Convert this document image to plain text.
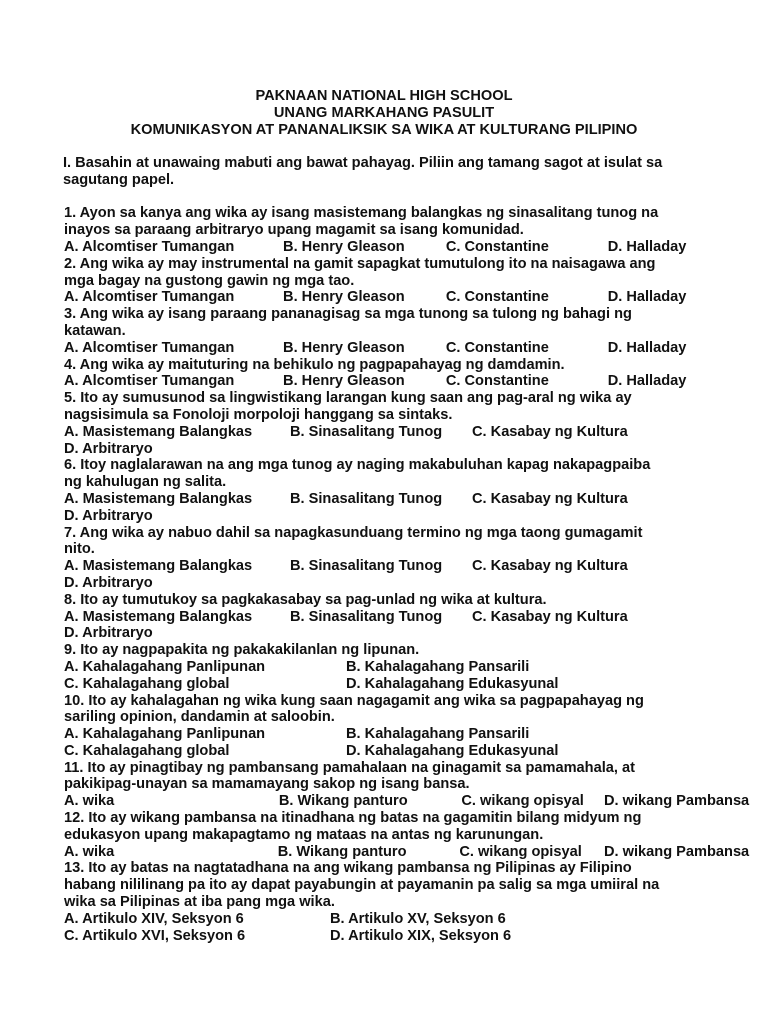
PAKNAAN NATIONAL HIGH SCHOOL
UNANG MARKAHANG PASULIT
KOMUNIKASYON AT PANANALIKSIK SA WIKA AT KULTURANG PILIPINO
I. Basahin at unawaing mabuti ang bawat pahayag. Piliin ang tamang sagot at isulat sa sagutang papel.
1. Ayon sa kanya ang wika ay isang masistemang balangkas ng sinasalitang tunog na
inayos sa paraang arbitraryo upang magamit sa isang komunidad.
A. Alcomtiser Tumangan	B. Henry Gleason	C. Constantine	D. Halladay
2. Ang wika ay may instrumental na gamit sapagkat tumutulong ito na naisagawa ang
mga bagay na gustong gawin ng mga tao.
A. Alcomtiser Tumangan	B. Henry Gleason	C. Constantine	D. Halladay
3. Ang wika ay isang paraang pananagisag sa mga tunong sa tulong ng bahagi ng
katawan.
A. Alcomtiser Tumangan	B. Henry Gleason	C. Constantine	D. Halladay
4. Ang wika ay maituturing na behikulo ng pagpapahayag ng damdamin.
A. Alcomtiser Tumangan	B. Henry Gleason	C. Constantine	D. Halladay
5. Ito ay sumusunod sa lingwistikang larangan kung saan ang pag-aral ng wika ay
nagsisimula sa Fonoloji morpoloji hanggang sa sintaks.
A. Masistemang Balangkas	B. Sinasalitang Tunog	C. Kasabay ng Kultura
D. Arbitraryo
6. Itoy naglalarawan na ang mga tunog ay naging makabuluhan kapag nakapagpaiba
ng kahulugan ng salita.
A. Masistemang Balangkas	B. Sinasalitang Tunog	C. Kasabay ng Kultura
D. Arbitraryo
7. Ang wika ay nabuo dahil sa napagkasunduang termino ng mga taong gumagamit
nito.
A. Masistemang Balangkas	B. Sinasalitang Tunog	C. Kasabay ng Kultura
D. Arbitraryo
8. Ito ay tumutukoy sa pagkakasabay sa pag-unlad ng wika at kultura.
A. Masistemang Balangkas	B. Sinasalitang Tunog	C. Kasabay ng Kultura
D. Arbitraryo
9. Ito ay nagpapakita ng pakakakilanlan ng lipunan.
A. Kahalagahang Panlipunan	B. Kahalagahang Pansarili
C. Kahalagahang global	D. Kahalagahang Edukasyunal
10. Ito ay kahalagahan ng wika kung saan nagagamit ang wika sa pagpapahayag ng
sariling opinion, dandamin at saloobin.
A. Kahalagahang Panlipunan	B. Kahalagahang Pansarili
C. Kahalagahang global	D. Kahalagahang Edukasyunal
11. Ito ay pinagtibay ng pambansang pamahalaan na ginagamit sa pamamahala, at
pakikipag-unayan sa mamamayang sakop ng isang bansa.
A. wika	B. Wikang panturo	C. wikang opisyal	D. wikang Pambansa
12. Ito ay wikang pambansa na itinadhana ng batas na gagamitin bilang midyum ng
edukasyon upang makapagtamo ng mataas na antas ng karunungan.
A. wika	B. Wikang panturo	C. wikang opisyal	D. wikang Pambansa
13. Ito ay batas na nagtatadhana na ang wikang pambansa ng Pilipinas ay Filipino
habang nililinang pa ito ay dapat payabungin at payamanin pa salig sa mga umiiral na
wika sa Pilipinas at iba pang mga wika.
A. Artikulo XIV, Seksyon 6	B. Artikulo XV, Seksyon 6
C. Artikulo XVI, Seksyon 6	D. Artikulo XIX, Seksyon 6
